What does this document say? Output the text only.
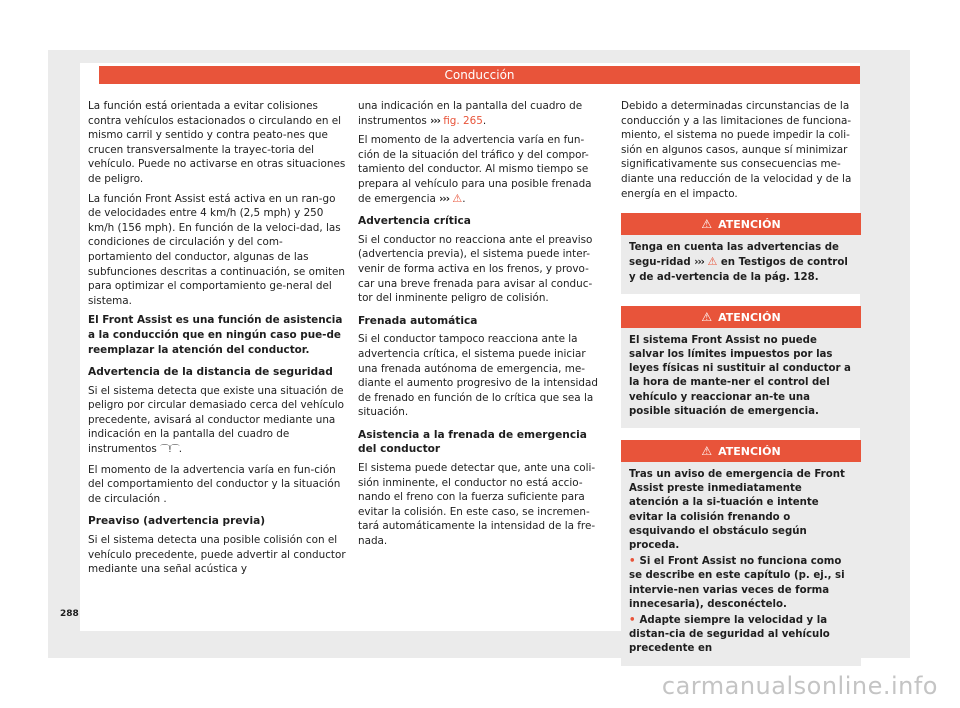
Conducción

La función está orientada a evitar colisiones contra vehículos estacionados o circulando en el mismo carril y sentido y contra peato-nes que crucen transversalmente la trayec-toria del vehículo. Puede no activarse en otras situaciones de peligro.

La función Front Assist está activa en un ran-go de velocidades entre 4 km/h (2,5 mph) y 250 km/h (156 mph). En función de la veloci-dad, las condiciones de circulación y del com-portamiento del conductor, algunas de las subfunciones descritas a continuación, se omiten para optimizar el comportamiento ge-neral del sistema.

El Front Assist es una función de asistencia a la conducción que en ningún caso pue-de reemplazar la atención del conductor.

Advertencia de la distancia de seguridad

Si el sistema detecta que existe una situación de peligro por circular demasiado cerca del vehículo precedente, avisará al conductor mediante una indicación en la pantalla del cuadro de instrumentos ⌒!⌒.

El momento de la advertencia varía en fun-ción del comportamiento del conductor y la situación de circulación .

Preaviso (advertencia previa)

Si el sistema detecta una posible colisión con el vehículo precedente, puede advertir al conductor mediante una señal acústica y

una indicación en la pantalla del cuadro de instrumentos ››› fig. 265.

El momento de la advertencia varía en fun-ción de la situación del tráfico y del compor-tamiento del conductor. Al mismo tiempo se prepara al vehículo para una posible frenada de emergencia ››› ⚠.

Advertencia crítica

Si el conductor no reacciona ante el preaviso (advertencia previa), el sistema puede inter-venir de forma activa en los frenos, y provo-car una breve frenada para avisar al conduc-tor del inminente peligro de colisión.

Frenada automática

Si el conductor tampoco reacciona ante la advertencia crítica, el sistema puede iniciar una frenada autónoma de emergencia, me-diante el aumento progresivo de la intensidad de frenado en función de lo crítica que sea la situación.

Asistencia a la frenada de emergencia del conductor

El sistema puede detectar que, ante una coli-sión inminente, el conductor no está accio-nando el freno con la fuerza suficiente para evitar la colisión. En este caso, se incremen-tará automáticamente la intensidad de la fre-nada.

Debido a determinadas circunstancias de la conducción y a las limitaciones de funciona-miento, el sistema no puede impedir la coli-sión en algunos casos, aunque sí minimizar significativamente sus consecuencias me-diante una reducción de la velocidad y de la energía en el impacto.

⚠ ATENCIÓN

Tenga en cuenta las advertencias de segu-ridad ››› ⚠ en Testigos de control y de ad-vertencia de la pág. 128.

⚠ ATENCIÓN

El sistema Front Assist no puede salvar los límites impuestos por las leyes físicas ni sustituir al conductor a la hora de mante-ner el control del vehículo y reaccionar an-te una posible situación de emergencia.

⚠ ATENCIÓN

Tras un aviso de emergencia de Front Assist preste inmediatamente atención a la si-tuación e intente evitar la colisión frenando o esquivando el obstáculo según proceda.

• Si el Front Assist no funciona como se describe en este capítulo (p. ej., si intervie-nen varias veces de forma innecesaria), desconéctelo.

• Adapte siempre la velocidad y la distan-cia de seguridad al vehículo precedente en

288
carmanualsonline.info
